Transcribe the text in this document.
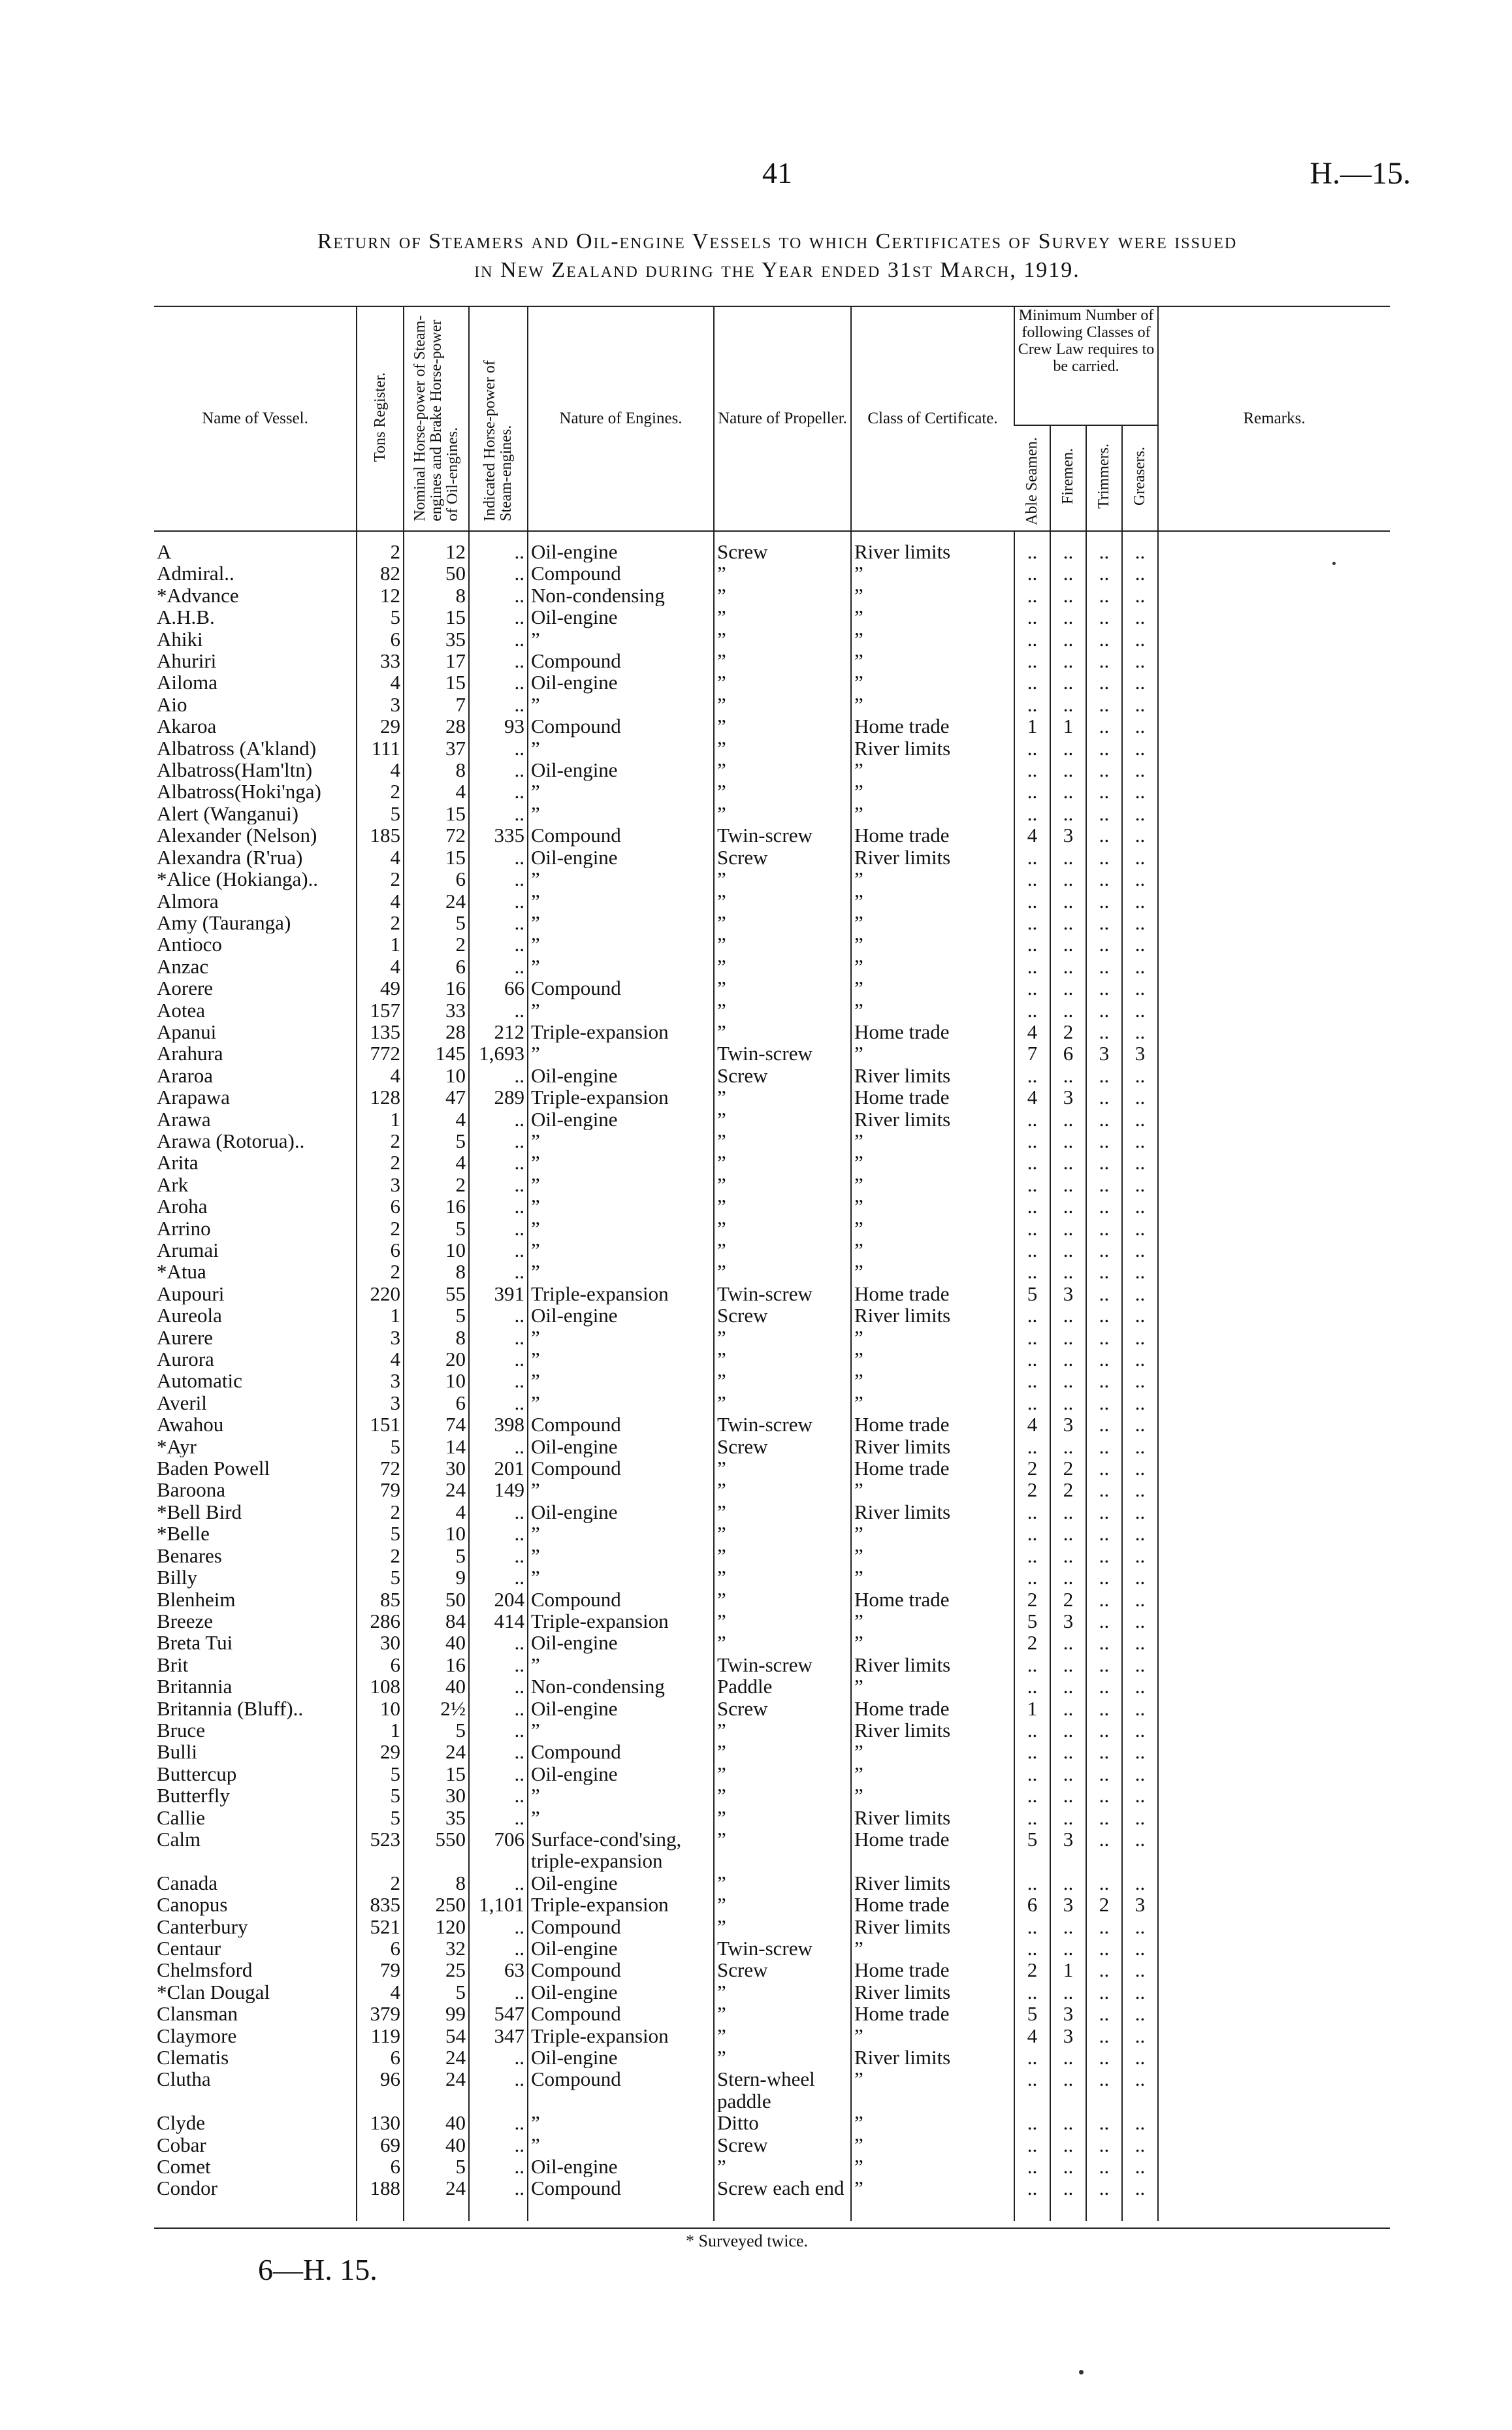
41	H.—15.
Return of Steamers and Oil-engine Vessels to which Certificates of Survey were issued
in New Zealand during the Year ended 31st March, 1919.
Name of Vessel.	Tons Register.	Nominal Horse-power of Steam-engines and Brake Horse-power of Oil-engines.	Indicated Horse-power of Steam-engines.	Nature of Engines.	Nature of Propeller.	Class of Certificate.	Minimum Number of following Classes of Crew Law requires to be carried.				Remarks.
							Able Seamen.	Firemen.	Trimmers.	Greasers.	
A	2	12	..	Oil-engine	Screw	River limits	..	..	..	..	
Admiral..	82	50	..	Compound	”	”	..	..	..	..	
*Advance	12	8	..	Non-condensing	”	”	..	..	..	..	
A.H.B.	5	15	..	Oil-engine	”	”	..	..	..	..	
Ahiki	6	35	..	”	”	”	..	..	..	..	
Ahuriri	33	17	..	Compound	”	”	..	..	..	..	
Ailoma	4	15	..	Oil-engine	”	”	..	..	..	..	
Aio	3	7	..	”	”	”	..	..	..	..	
Akaroa	29	28	93	Compound	”	Home trade	1	1	..	..	
Albatross (A'kland)	111	37	..	”	”	River limits	..	..	..	..	
Albatross(Ham'ltn)	4	8	..	Oil-engine	”	”	..	..	..	..	
Albatross(Hoki'nga)	2	4	..	”	”	”	..	..	..	..	
Alert (Wanganui)	5	15	..	”	”	”	..	..	..	..	
Alexander (Nelson)	185	72	335	Compound	Twin-screw	Home trade	4	3	..	..	
Alexandra (R'rua)	4	15	..	Oil-engine	Screw	River limits	..	..	..	..	
*Alice (Hokianga)..	2	6	..	”	”	”	..	..	..	..	
Almora	4	24	..	”	”	”	..	..	..	..	
Amy (Tauranga)	2	5	..	”	”	”	..	..	..	..	
Antioco	1	2	..	”	”	”	..	..	..	..	
Anzac	4	6	..	”	”	”	..	..	..	..	
Aorere	49	16	66	Compound	”	”	..	..	..	..	
Aotea	157	33	..	”	”	”	..	..	..	..	
Apanui	135	28	212	Triple-expansion	”	Home trade	4	2	..	..	
Arahura	772	145	1,693	”	Twin-screw	”	7	6	3	3	
Araroa	4	10	..	Oil-engine	Screw	River limits	..	..	..	..	
Arapawa	128	47	289	Triple-expansion	”	Home trade	4	3	..	..	
Arawa	1	4	..	Oil-engine	”	River limits	..	..	..	..	
Arawa (Rotorua)..	2	5	..	”	”	”	..	..	..	..	
Arita	2	4	..	”	”	”	..	..	..	..	
Ark	3	2	..	”	”	”	..	..	..	..	
Aroha	6	16	..	”	”	”	..	..	..	..	
Arrino	2	5	..	”	”	”	..	..	..	..	
Arumai	6	10	..	”	”	”	..	..	..	..	
*Atua	2	8	..	”	”	”	..	..	..	..	
Aupouri	220	55	391	Triple-expansion	Twin-screw	Home trade	5	3	..	..	
Aureola	1	5	..	Oil-engine	Screw	River limits	..	..	..	..	
Aurere	3	8	..	”	”	”	..	..	..	..	
Aurora	4	20	..	”	”	”	..	..	..	..	
Automatic	3	10	..	”	”	”	..	..	..	..	
Averil	3	6	..	”	”	”	..	..	..	..	
Awahou	151	74	398	Compound	Twin-screw	Home trade	4	3	..	..	
*Ayr	5	14	..	Oil-engine	Screw	River limits	..	..	..	..	
Baden Powell	72	30	201	Compound	”	Home trade	2	2	..	..	
Baroona	79	24	149	”	”	”	2	2	..	..	
*Bell Bird	2	4	..	Oil-engine	”	River limits	..	..	..	..	
*Belle	5	10	..	”	”	”	..	..	..	..	
Benares	2	5	..	”	”	”	..	..	..	..	
Billy	5	9	..	”	”	”	..	..	..	..	
Blenheim	85	50	204	Compound	”	Home trade	2	2	..	..	
Breeze	286	84	414	Triple-expansion	”	”	5	3	..	..	
Breta Tui	30	40	..	Oil-engine	”	”	2	..	..	..	
Brit	6	16	..	”	Twin-screw	River limits	..	..	..	..	
Britannia	108	40	..	Non-condensing	Paddle	”	..	..	..	..	
Britannia (Bluff)..	10	2½	..	Oil-engine	Screw	Home trade	1	..	..	..	
Bruce	1	5	..	”	”	River limits	..	..	..	..	
Bulli	29	24	..	Compound	”	”	..	..	..	..	
Buttercup	5	15	..	Oil-engine	”	”	..	..	..	..	
Butterfly	5	30	..	”	”	”	..	..	..	..	
Callie	5	35	..	”	”	River limits	..	..	..	..	
Calm	523	550	706	Surface-cond'sing, triple-expansion	”	Home trade	5	3	..	..	
Canada	2	8	..	Oil-engine	”	River limits	..	..	..	..	
Canopus	835	250	1,101	Triple-expansion	”	Home trade	6	3	2	3	
Canterbury	521	120	..	Compound	”	River limits	..	..	..	..	
Centaur	6	32	..	Oil-engine	Twin-screw	”	..	..	..	..	
Chelmsford	79	25	63	Compound	Screw	Home trade	2	1	..	..	
*Clan Dougal	4	5	..	Oil-engine	”	River limits	..	..	..	..	
Clansman	379	99	547	Compound	”	Home trade	5	3	..	..	
Claymore	119	54	347	Triple-expansion	”	”	4	3	..	..	
Clematis	6	24	..	Oil-engine	”	River limits	..	..	..	..	
Clutha	96	24	..	Compound	Stern-wheel paddle	”	..	..	..	..	
Clyde	130	40	..	”	Ditto	”	..	..	..	..	
Cobar	69	40	..	”	Screw	”	..	..	..	..	
Comet	6	5	..	Oil-engine	”	”	..	..	..	..	
Condor	188	24	..	Compound	Screw each end	”	..	..	..	..	
* Surveyed twice.
6—H. 15.
